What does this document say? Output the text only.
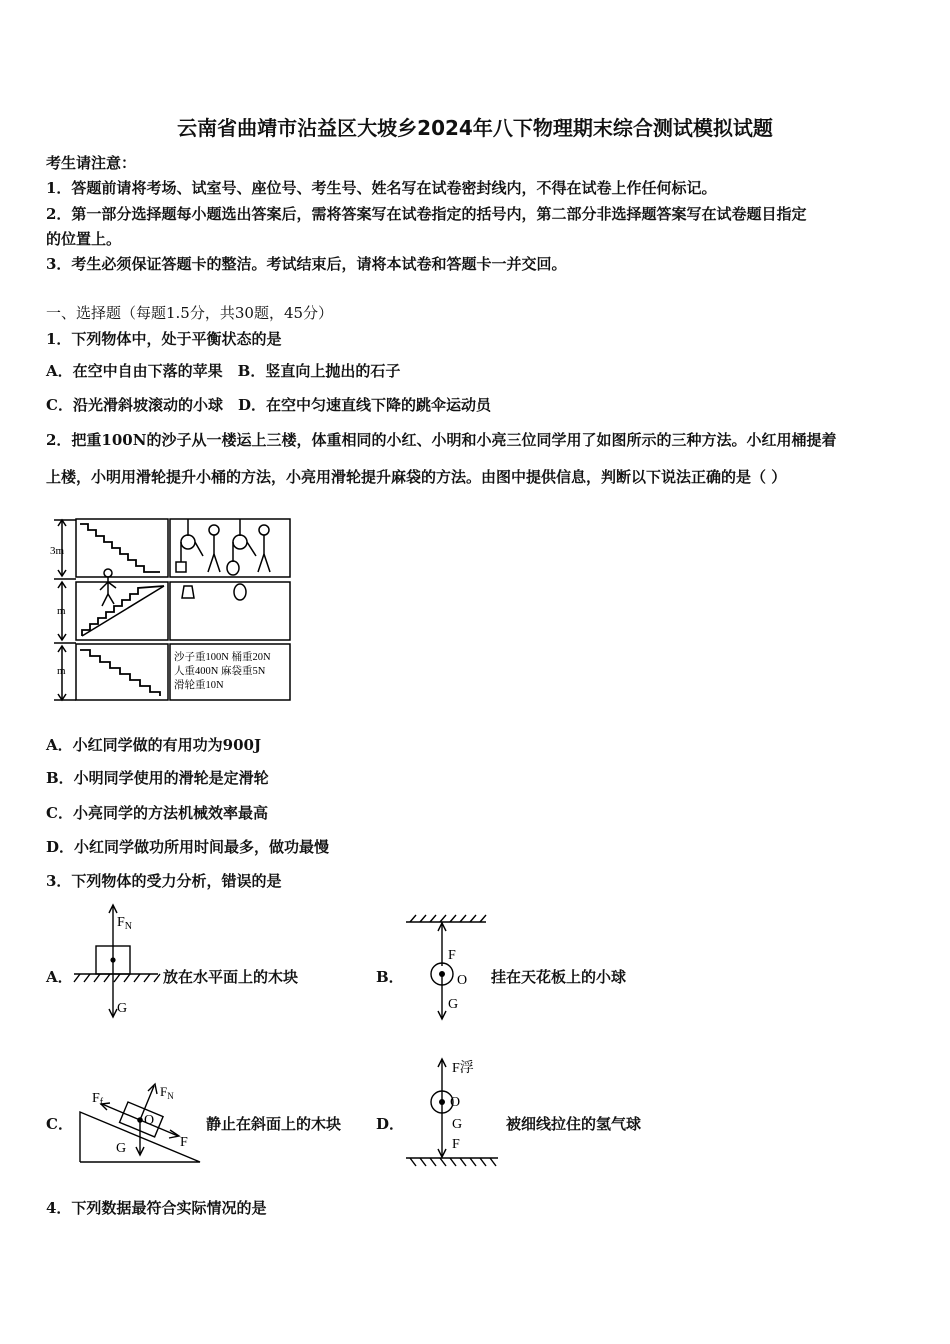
云南省曲靖市沾益区大坡乡2024年八下物理期末综合测试模拟试题
考生请注意：
1．答题前请将考场、试室号、座位号、考生号、姓名写在试卷密封线内，不得在试卷上作任何标记。
2．第一部分选择题每小题选出答案后，需将答案写在试卷指定的括号内，第二部分非选择题答案写在试卷题目指定
的位置上。
3．考生必须保证答题卡的整洁。考试结束后，请将本试卷和答题卡一并交回。
一、选择题（每题1.5分，共30题，45分）
1．下列物体中，处于平衡状态的是
A．在空中自由下落的苹果　B．竖直向上抛出的石子
C．沿光滑斜坡滚动的小球　D．在空中匀速直线下降的跳伞运动员
2．把重100N的沙子从一楼运上三楼，体重相同的小红、小明和小亮三位同学用了如图所示的三种方法。小红用桶提着
上楼，小明用滑轮提升小桶的方法，小亮用滑轮提升麻袋的方法。由图中提供信息，判断以下说法正确的是（ ）
3m
m
m
沙子重100N 桶重20N
人重400N 麻袋重5N
滑轮重10N
A．小红同学做的有用功为900J
B．小明同学使用的滑轮是定滑轮
C．小亮同学的方法机械效率最高
D．小红同学做功所用时间最多，做功最慢
3．下列物体的受力分析，错误的是
A．
$F_N$
G
放在水平面上的木块	B．
F
O
G
挂在天花板上的小球
C．
$F_f$
$F_N$
O
G	F
静止在斜面上的木块 D．
F浮
O
G
F
被细线拉住的氢气球
4．下列数据最符合实际情况的是
